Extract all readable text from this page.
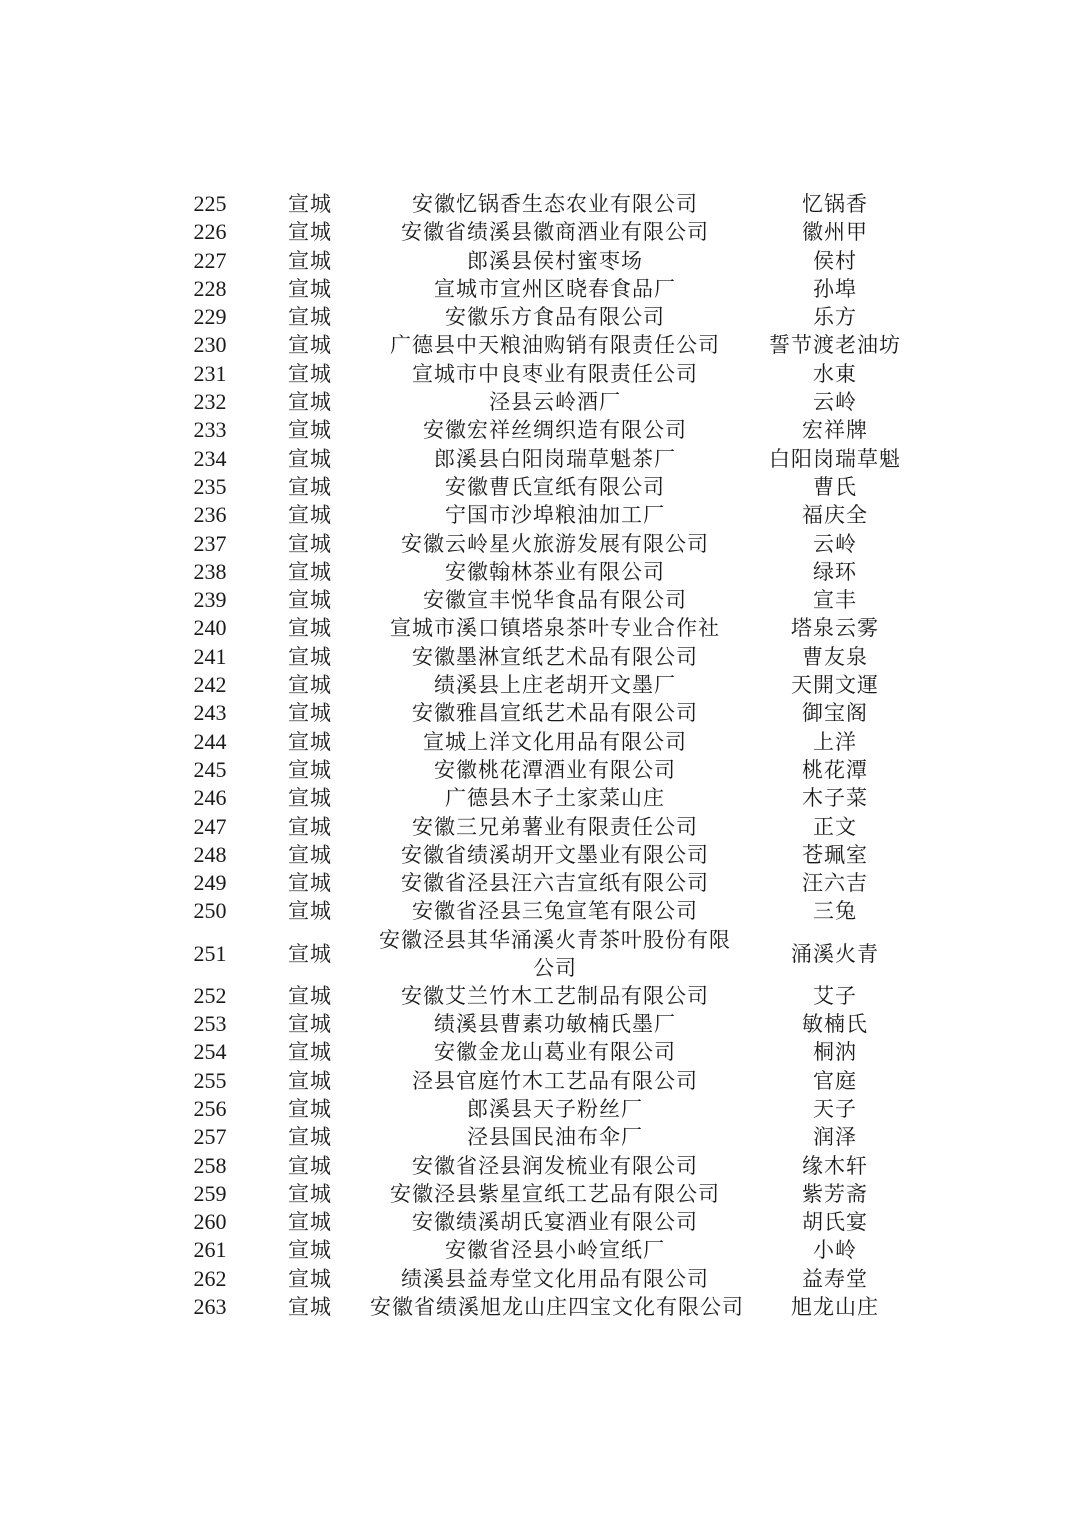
225	宣城	安徽忆锅香生态农业有限公司	忆锅香
226	宣城	安徽省绩溪县徽商酒业有限公司	徽州甲
227	宣城	郎溪县侯村蜜枣场	侯村
228	宣城	宣城市宣州区晓春食品厂	孙埠
229	宣城	安徽乐方食品有限公司	乐方
230	宣城	广德县中天粮油购销有限责任公司	誓节渡老油坊
231	宣城	宣城市中良枣业有限责任公司	水東
232	宣城	泾县云岭酒厂	云岭
233	宣城	安徽宏祥丝绸织造有限公司	宏祥牌
234	宣城	郎溪县白阳岗瑞草魁茶厂	白阳岗瑞草魁
235	宣城	安徽曹氏宣纸有限公司	曹氏
236	宣城	宁国市沙埠粮油加工厂	福庆全
237	宣城	安徽云岭星火旅游发展有限公司	云岭
238	宣城	安徽翰林茶业有限公司	绿环
239	宣城	安徽宣丰悦华食品有限公司	宣丰
240	宣城	宣城市溪口镇塔泉茶叶专业合作社	塔泉云雾
241	宣城	安徽墨淋宣纸艺术品有限公司	曹友泉
242	宣城	绩溪县上庄老胡开文墨厂	天開文運
243	宣城	安徽雅昌宣纸艺术品有限公司	御宝阁
244	宣城	宣城上洋文化用品有限公司	上洋
245	宣城	安徽桃花潭酒业有限公司	桃花潭
246	宣城	广德县木子土家菜山庄	木子菜
247	宣城	安徽三兄弟薯业有限责任公司	正文
248	宣城	安徽省绩溪胡开文墨业有限公司	苍珮室
249	宣城	安徽省泾县汪六吉宣纸有限公司	汪六吉
250	宣城	安徽省泾县三兔宣笔有限公司	三兔
251	宣城	安徽泾县其华涌溪火青茶叶股份有限公司	涌溪火青
252	宣城	安徽艾兰竹木工艺制品有限公司	艾子
253	宣城	绩溪县曹素功敏楠氏墨厂	敏楠氏
254	宣城	安徽金龙山葛业有限公司	桐汭
255	宣城	泾县官庭竹木工艺品有限公司	官庭
256	宣城	郎溪县天子粉丝厂	天子
257	宣城	泾县国民油布伞厂	润泽
258	宣城	安徽省泾县润发梳业有限公司	缘木轩
259	宣城	安徽泾县紫星宣纸工艺品有限公司	紫芳斋
260	宣城	安徽绩溪胡氏宴酒业有限公司	胡氏宴
261	宣城	安徽省泾县小岭宣纸厂	小岭
262	宣城	绩溪县益寿堂文化用品有限公司	益寿堂
263	宣城	安徽省绩溪旭龙山庄四宝文化有限公司	旭龙山庄
